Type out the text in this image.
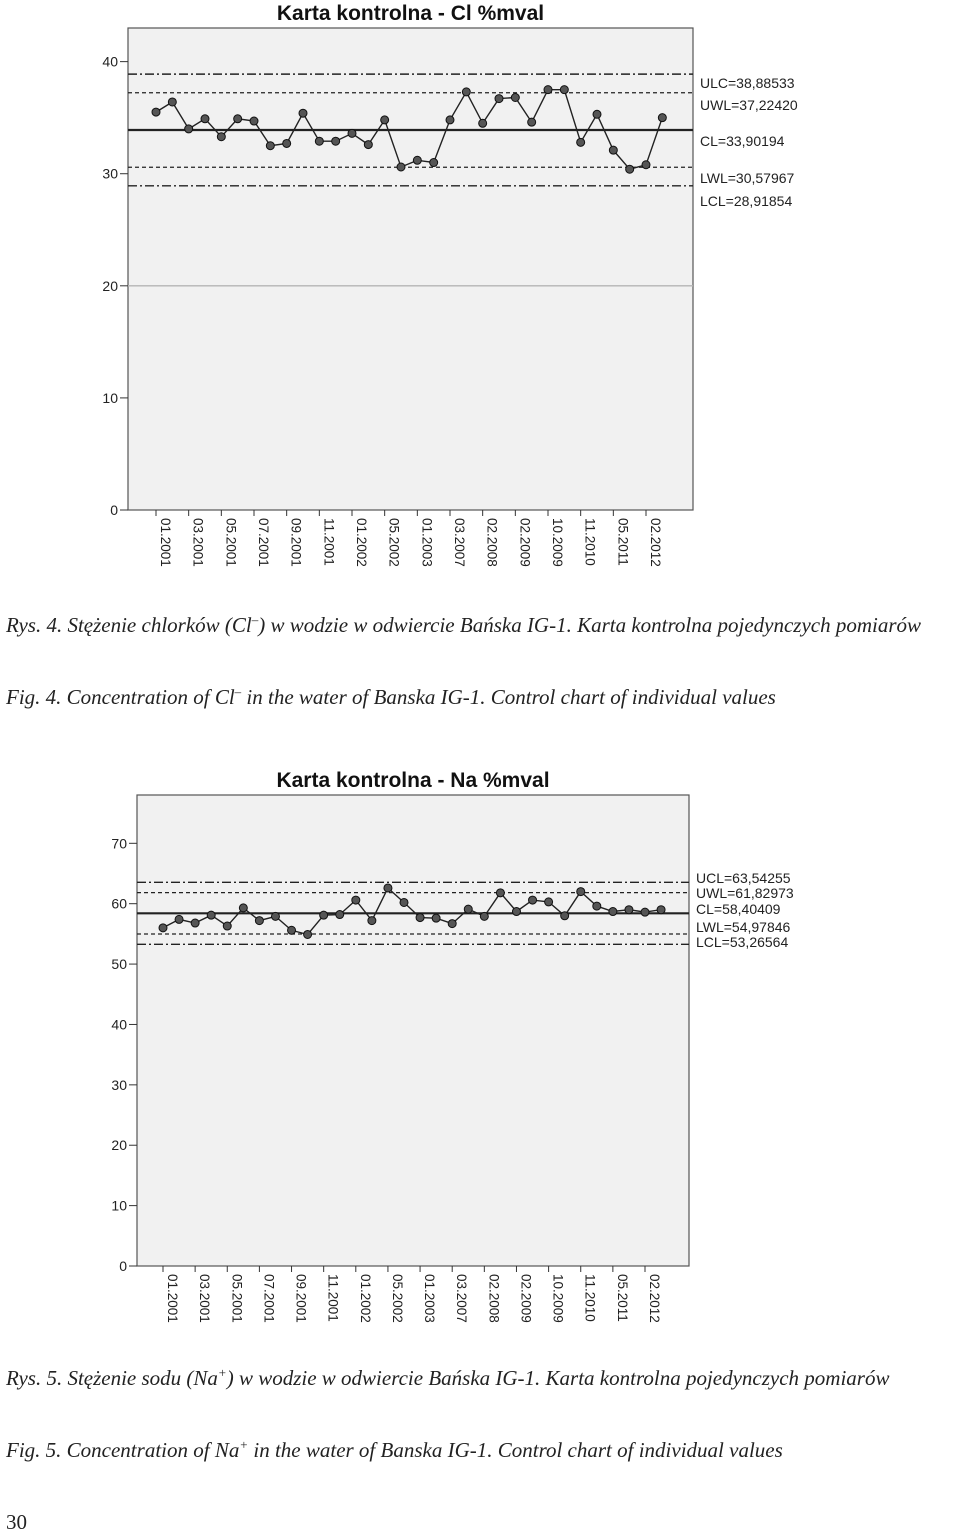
Karta kontrolna - Cl %mval
0
10
20
30
40
ULC=38,88533
UWL=37,22420
CL=33,90194
LWL=30,57967
LCL=28,91854
01.2001 03.2001 05.2001 07.2001 09.2001 11.2001 01.2002 05.2002 01.2003 03.2007 02.2008 02.2009 10.2009 11.2010 05.2011 02.2012
Rys. 4. Stężenie chlorków (Cl–) w wodzie w odwiercie Bańska IG-1. Karta kontrolna pojedynczych pomiarów
Fig. 4. Concentration of Cl– in the water of Banska IG-1. Control chart of individual values
Karta kontrolna - Na %mval
0
10
20
30
40
50
60
70
UCL=63,54255
UWL=61,82973
CL=58,40409
LWL=54,97846
LCL=53,26564
01.2001 03.2001 05.2001 07.2001 09.2001 11.2001 01.2002 05.2002 01.2003 03.2007 02.2008 02.2009 10.2009 11.2010 05.2011 02.2012
Rys. 5. Stężenie sodu (Na+) w wodzie w odwiercie Bańska IG-1. Karta kontrolna pojedynczych pomiarów
Fig. 5. Concentration of Na+ in the water of Banska IG-1. Control chart of individual values
30
